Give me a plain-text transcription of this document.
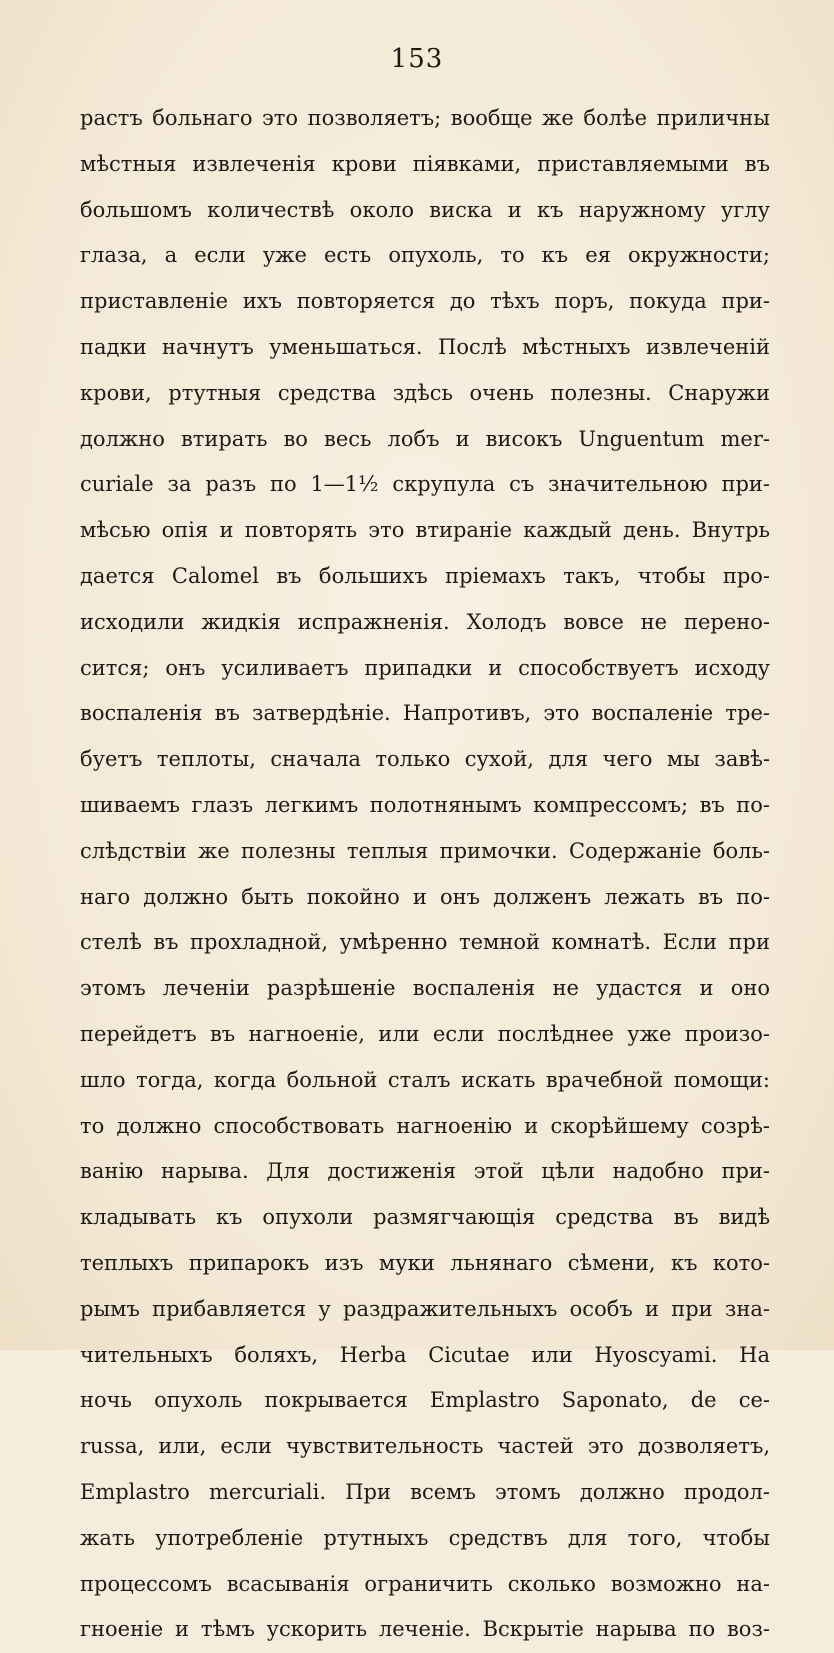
153
растъ больнаго это позволяетъ; вообще же болѣе приличны
мѣстныя извлеченія крови піявками, приставляемыми въ
большомъ количествѣ около виска и къ наружному углу
глаза, а если уже есть опухоль, то къ ея окружности;
приставленіе ихъ повторяется до тѣхъ поръ, покуда при-
падки начнутъ уменьшаться. Послѣ мѣстныхъ извлеченій
крови, ртутныя средства здѣсь очень полезны. Снаружи
должно втирать во весь лобъ и високъ Unguentum mer-
curiale за разъ по 1—1½ скрупула съ значительною при-
мѣсью опія и повторять это втираніе каждый день. Внутрь
дается Calomel въ большихъ пріемахъ такъ, чтобы про-
исходили жидкія испражненія. Холодъ вовсе не перено-
сится; онъ усиливаетъ припадки и способствуетъ исходу
воспаленія въ затвердѣніе. Напротивъ, это воспаленіе тре-
буетъ теплоты, сначала только сухой, для чего мы завѣ-
шиваемъ глазъ легкимъ полотнянымъ компрессомъ; въ по-
слѣдствіи же полезны теплыя примочки. Содержаніе боль-
наго должно быть покойно и онъ долженъ лежать въ по-
стелѣ въ прохладной, умѣренно темной комнатѣ. Если при
этомъ леченіи разрѣшеніе воспаленія не удастся и оно
перейдетъ въ нагноеніе, или если послѣднее уже произо-
шло тогда, когда больной сталъ искать врачебной помощи:
то должно способствовать нагноенію и скорѣйшему созрѣ-
ванію нарыва. Для достиженія этой цѣли надобно при-
кладывать къ опухоли размягчающія средства въ видѣ
теплыхъ припарокъ изъ муки льнянаго сѣмени, къ кото-
рымъ прибавляется у раздражительныхъ особъ и при зна-
чительныхъ боляхъ, Herba Cicutae или Hyoscyami. На
ночь опухоль покрывается Emplastro Saponato, de ce-
russa, или, если чувствительность частей это дозволяетъ,
Emplastro mercuriali. При всемъ этомъ должно продол-
жать употребленіе ртутныхъ средствъ для того, чтобы
процессомъ всасыванія ограничить сколько возможно на-
гноеніе и тѣмъ ускорить леченіе. Вскрытіе нарыва по воз-
